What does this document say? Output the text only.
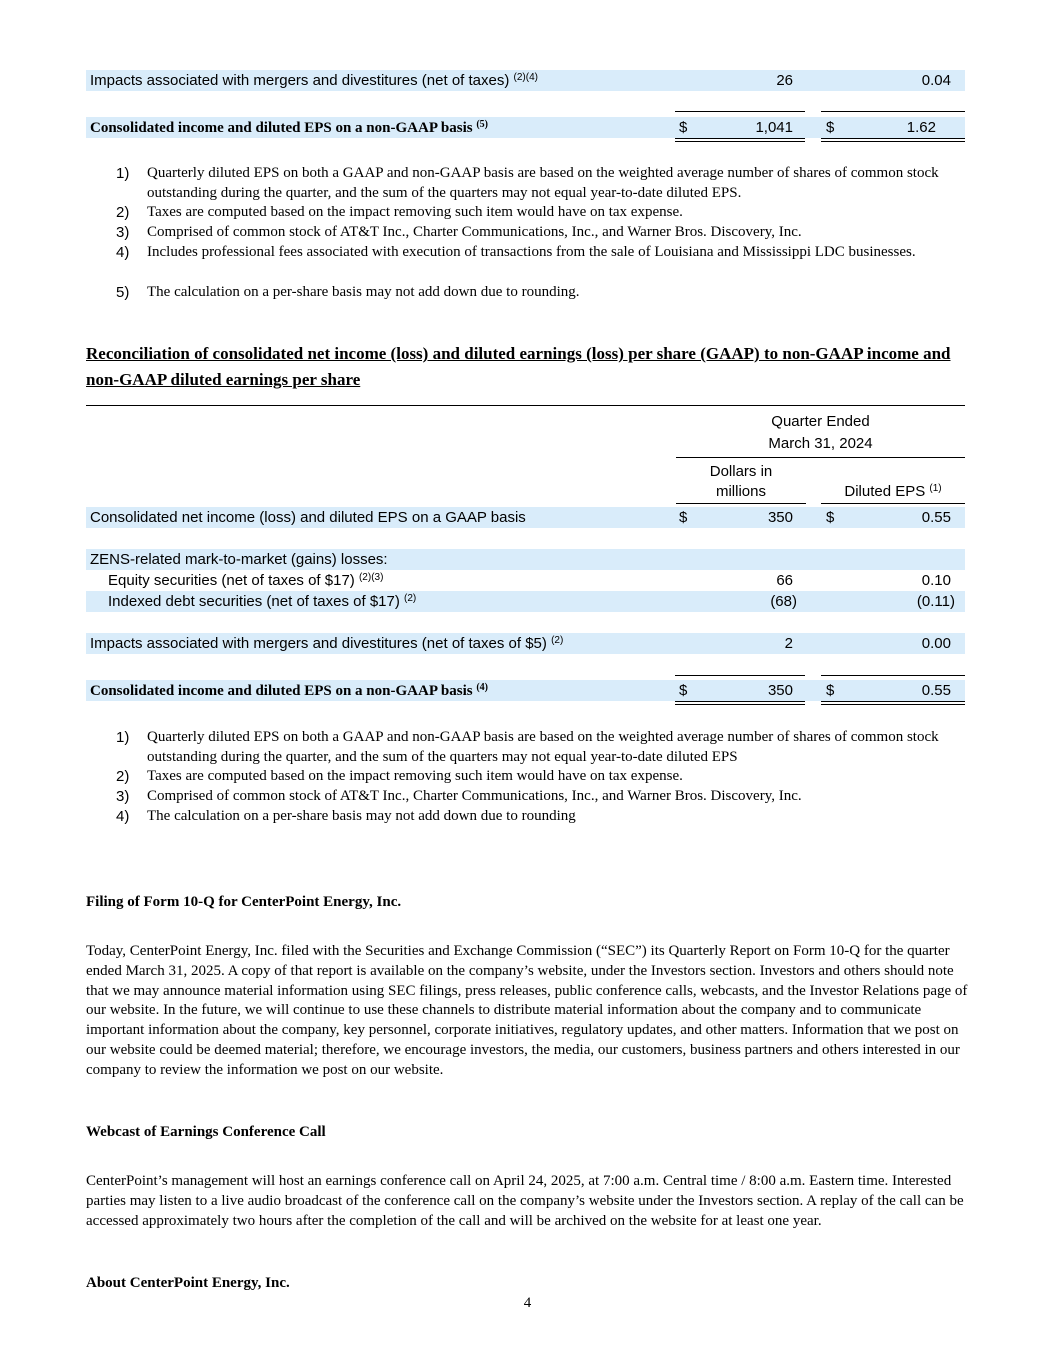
Impacts associated with mergers and divestitures (net of taxes) $^{(2)(4)}$	26	0.04
Consolidated income and diluted EPS on a non-GAAP basis $^{(5)}$	$	1,041 $	1.62
1) Quarterly diluted EPS on both a GAAP and non-GAAP basis are based on the weighted average number of shares of common stock outstanding during the quarter, and the sum of the quarters may not equal year-to-date diluted EPS.
2) Taxes are computed based on the impact removing such item would have on tax expense.
3) Comprised of common stock of AT&T Inc., Charter Communications, Inc., and Warner Bros. Discovery, Inc.
4) Includes professional fees associated with execution of transactions from the sale of Louisiana and Mississippi LDC businesses.
5) The calculation on a per-share basis may not add down due to rounding.
Reconciliation of consolidated net income (loss) and diluted earnings (loss) per share (GAAP) to non-GAAP income and non-GAAP diluted earnings per share
Quarter Ended
March 31, 2024
Dollars in
millions	Diluted EPS $^{(1)}$
Consolidated net income (loss) and diluted EPS on a GAAP basis	$	350 $	0.55
ZENS-related mark-to-market (gains) losses:
Equity securities (net of taxes of $17) $^{(2)(3)}$	66	0.10
Indexed debt securities (net of taxes of $17) $^{(2)}$	(68)	(0.11)
Impacts associated with mergers and divestitures (net of taxes of $5) $^{(2)}$	2	0.00
Consolidated income and diluted EPS on a non-GAAP basis $^{(4)}$	$	350 $	0.55
1) Quarterly diluted EPS on both a GAAP and non-GAAP basis are based on the weighted average number of shares of common stock outstanding during the quarter, and the sum of the quarters may not equal year-to-date diluted EPS
2) Taxes are computed based on the impact removing such item would have on tax expense.
3) Comprised of common stock of AT&T Inc., Charter Communications, Inc., and Warner Bros. Discovery, Inc.
4) The calculation on a per-share basis may not add down due to rounding
Filing of Form 10-Q for CenterPoint Energy, Inc.
Today, CenterPoint Energy, Inc. filed with the Securities and Exchange Commission (“SEC”) its Quarterly Report on Form 10-Q for the quarter ended March 31, 2025. A copy of that report is available on the company’s website, under the Investors section. Investors and others should note that we may announce material information using SEC filings, press releases, public conference calls, webcasts, and the Investor Relations page of our website. In the future, we will continue to use these channels to distribute material information about the company and to communicate important information about the company, key personnel, corporate initiatives, regulatory updates, and other matters. Information that we post on our website could be deemed material; therefore, we encourage investors, the media, our customers, business partners and others interested in our company to review the information we post on our website.
Webcast of Earnings Conference Call
CenterPoint’s management will host an earnings conference call on April 24, 2025, at 7:00 a.m. Central time / 8:00 a.m. Eastern time. Interested parties may listen to a live audio broadcast of the conference call on the company’s website under the Investors section. A replay of the call can be accessed approximately two hours after the completion of the call and will be archived on the website for at least one year.
About CenterPoint Energy, Inc.
4
